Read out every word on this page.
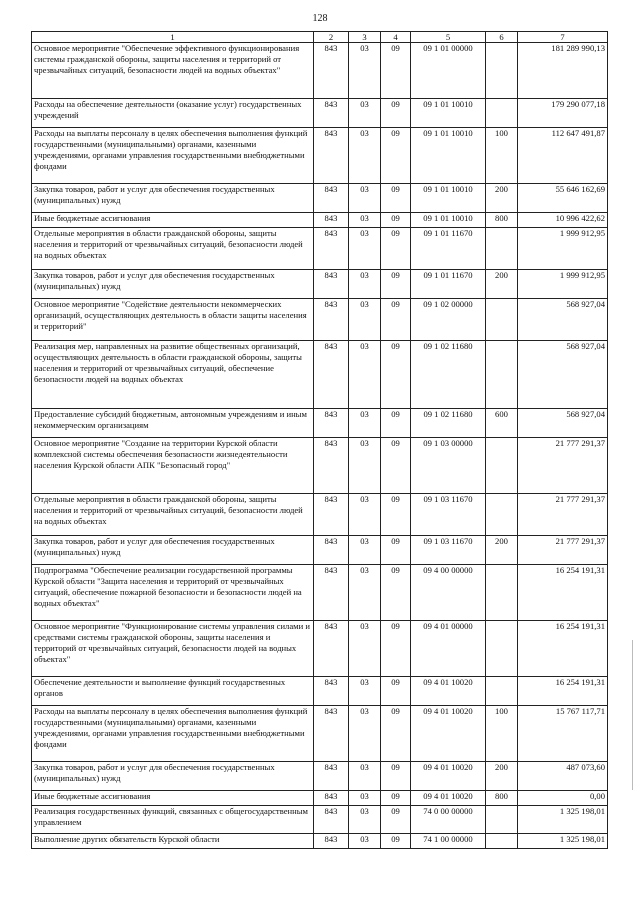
128
1	2	3	4	5	6	7
Основное мероприятие "Обеспечение эффективного функционирования системы гражданской обороны, защиты населения и территорий от чрезвычайных ситуаций, безопасности людей на водных объектах"	843	03	09	09 1 01 00000		181 289 990,13
Расходы на обеспечение деятельности (оказание услуг) государственных учреждений	843	03	09	09 1 01 10010		179 290 077,18
Расходы на выплаты персоналу в целях обеспечения выполнения функций государственными (муниципальными) органами, казенными учреждениями, органами управления государственными внебюджетными фондами	843	03	09	09 1 01 10010	100	112 647 491,87
Закупка товаров, работ и услуг для обеспечения государственных (муниципальных) нужд	843	03	09	09 1 01 10010	200	55 646 162,69
Иные бюджетные ассигнования	843	03	09	09 1 01 10010	800	10 996 422,62
Отдельные мероприятия в области гражданской обороны, защиты населения и территорий от чрезвычайных ситуаций, безопасности людей на водных объектах	843	03	09	09 1 01 11670		1 999 912,95
Закупка товаров, работ и услуг для обеспечения государственных (муниципальных) нужд	843	03	09	09 1 01 11670	200	1 999 912,95
Основное мероприятие "Содействие деятельности некоммерческих организаций, осуществляющих деятельность в области защиты населения и территорий"	843	03	09	09 1 02 00000		568 927,04
Реализация мер, направленных на развитие общественных организаций, осуществляющих деятельность в области гражданской обороны, защиты населения и территорий от чрезвычайных ситуаций, обеспечение безопасности людей на водных объектах	843	03	09	09 1 02 11680		568 927,04
Предоставление субсидий бюджетным, автономным учреждениям и иным некоммерческим организациям	843	03	09	09 1 02 11680	600	568 927,04
Основное мероприятие "Создание на территории Курской области комплексной системы обеспечения безопасности жизнедеятельности населения Курской области АПК "Безопасный город"	843	03	09	09 1 03 00000		21 777 291,37
Отдельные мероприятия в области гражданской обороны, защиты населения и территорий от чрезвычайных ситуаций, безопасности людей на водных объектах	843	03	09	09 1 03 11670		21 777 291,37
Закупка товаров, работ и услуг для обеспечения государственных (муниципальных) нужд	843	03	09	09 1 03 11670	200	21 777 291,37
Подпрограмма "Обеспечение реализации государственной программы Курской области "Защита населения и территорий от чрезвычайных ситуаций, обеспечение пожарной безопасности и безопасности людей на водных объектах"	843	03	09	09 4 00 00000		16 254 191,31
Основное мероприятие "Функционирование системы управления силами и средствами системы гражданской обороны, защиты населения и территорий от чрезвычайных ситуаций, безопасности людей на водных объектах"	843	03	09	09 4 01 00000		16 254 191,31
Обеспечение деятельности и выполнение функций государственных органов	843	03	09	09 4 01 10020		16 254 191,31
Расходы на выплаты персоналу в целях обеспечения выполнения функций государственными (муниципальными) органами, казенными учреждениями, органами управления государственными внебюджетными фондами	843	03	09	09 4 01 10020	100	15 767 117,71
Закупка товаров, работ и услуг для обеспечения государственных (муниципальных) нужд	843	03	09	09 4 01 10020	200	487 073,60
Иные бюджетные ассигнования	843	03	09	09 4 01 10020	800	0,00
Реализация государственных функций, связанных с общегосударственным управлением	843	03	09	74 0 00 00000		1 325 198,01
Выполнение других обязательств Курской области	843	03	09	74 1 00 00000		1 325 198,01
